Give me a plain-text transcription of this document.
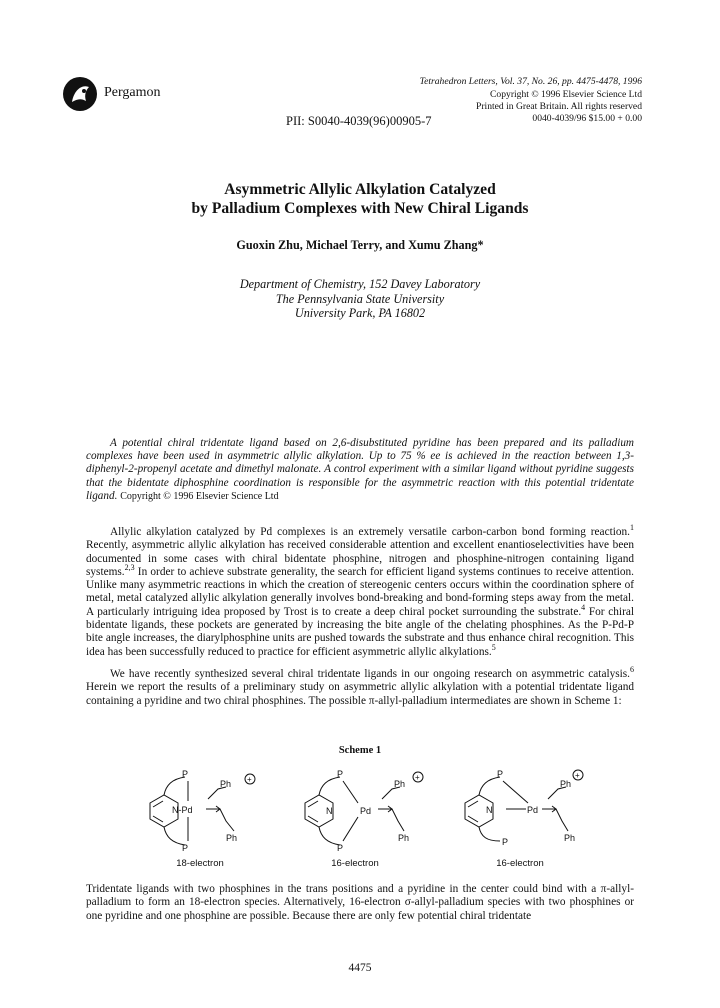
Pergamon
Tetrahedron Letters, Vol. 37, No. 26, pp. 4475-4478, 1996
Copyright © 1996 Elsevier Science Ltd
Printed in Great Britain. All rights reserved
PII: S0040-4039(96)00905-7	0040-4039/96 $15.00 + 0.00
Asymmetric Allylic Alkylation Catalyzed
by Palladium Complexes with New Chiral Ligands
Guoxin Zhu, Michael Terry, and Xumu Zhang*
Department of Chemistry, 152 Davey Laboratory
The Pennsylvania State University
University Park, PA 16802
A potential chiral tridentate ligand based on 2,6-disubstituted pyridine has been prepared and its palladium complexes have been used in asymmetric allylic alkylation. Up to 75 % ee is achieved in the reaction between 1,3-diphenyl-2-propenyl acetate and dimethyl malonate. A control experiment with a similar ligand without pyridine suggests that the bidentate diphosphine coordination is responsible for the asymmetric reaction with this potential tridentate ligand. Copyright © 1996 Elsevier Science Ltd
Allylic alkylation catalyzed by Pd complexes is an extremely versatile carbon-carbon bond forming reaction.$^1$ Recently, asymmetric allylic alkylation has received considerable attention and excellent enantioselectivities have been documented in some cases with chiral bidentate phosphine, nitrogen and phosphine-nitrogen containing ligand systems.$^{2,3}$ In order to achieve substrate generality, the search for efficient ligand systems continues to receive attention. Unlike many asymmetric reactions in which the creation of stereogenic centers occurs within the coordination sphere of metal, metal catalyzed allylic alkylation generally involves bond-breaking and bond-forming steps away from the metal. A particularly intriguing idea proposed by Trost is to create a deep chiral pocket surrounding the substrate.$^4$ For chiral bidentate ligands, these pockets are generated by increasing the bite angle of the chelating phosphines. As the P-Pd-P bite angle increases, the diarylphosphine units are pushed towards the substrate and thus enhance chiral recognition. This idea has been successfully reduced to practice for efficient asymmetric allylic alkylations.$^5$
We have recently synthesized several chiral tridentate ligands in our ongoing research on asymmetric catalysis.$^6$ Herein we report the results of a preliminary study on asymmetric allylic alkylation with a potential tridentate ligand containing a pyridine and two chiral phosphines. The possible π-allyl-palladium intermediates are shown in Scheme 1:
Scheme 1
P
P
N-Pd
Ph
Ph
+
P
P
N	Pd
Ph
Ph
+	P
P
N	Pd
Ph
Ph
+
18-electron	16-electron	16-electron
Tridentate ligands with two phosphines in the trans positions and a pyridine in the center could bind with a π-allyl-palladium to form an 18-electron species. Alternatively, 16-electron σ-allyl-palladium species with two phosphines or one pyridine and one phosphine are possible. Because there are only few potential chiral tridentate
4475
